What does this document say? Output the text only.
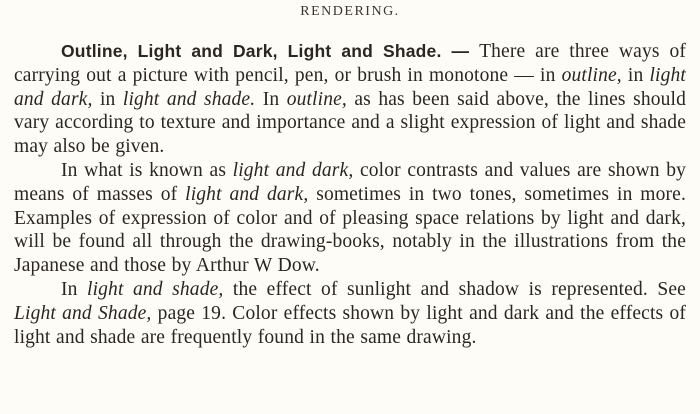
RENDERING.

Outline, Light and Dark, Light and Shade. — There are three ways of carrying out a picture with pencil, pen, or brush in monotone — in outline, in light and dark, in light and shade. In outline, as has been said above, the lines should vary according to texture and importance and a slight expression of light and shade may also be given.

In what is known as light and dark, color contrasts and values are shown by means of masses of light and dark, sometimes in two tones, sometimes in more. Examples of expression of color and of pleasing space relations by light and dark, will be found all through the drawing-books, notably in the illustrations from the Japanese and those by Arthur W Dow.

In light and shade, the effect of sunlight and shadow is represented. See Light and Shade, page 19. Color effects shown by light and dark and the effects of light and shade are frequently found in the same drawing.
